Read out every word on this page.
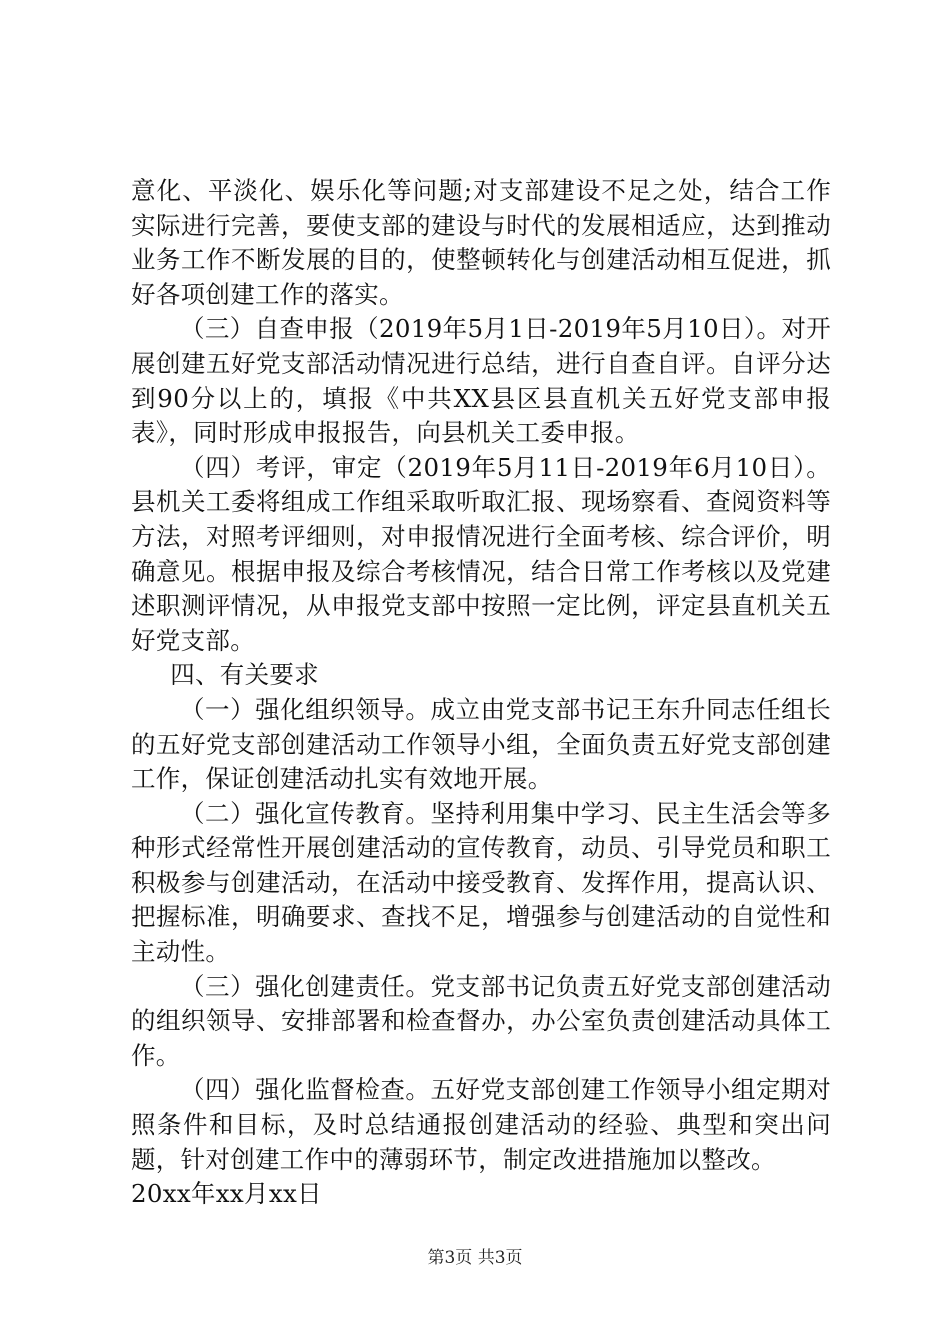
意化、平淡化、娱乐化等问题;对支部建设不足之处，结合工作实际进行完善，要使支部的建设与时代的发展相适应，达到推动业务工作不断发展的目的，使整顿转化与创建活动相互促进，抓好各项创建工作的落实。

（三）自查申报（2019年5月1日-2019年5月10日）。对开展创建五好党支部活动情况进行总结，进行自查自评。自评分达到90分以上的，填报《中共XX县区县直机关五好党支部申报表》，同时形成申报报告，向县机关工委申报。

（四）考评，审定（2019年5月11日-2019年6月10日）。县机关工委将组成工作组采取听取汇报、现场察看、查阅资料等方法，对照考评细则，对申报情况进行全面考核、综合评价，明确意见。根据申报及综合考核情况，结合日常工作考核以及党建述职测评情况，从申报党支部中按照一定比例，评定县直机关五好党支部。

四、有关要求

（一）强化组织领导。成立由党支部书记王东升同志任组长的五好党支部创建活动工作领导小组，全面负责五好党支部创建工作，保证创建活动扎实有效地开展。

（二）强化宣传教育。坚持利用集中学习、民主生活会等多种形式经常性开展创建活动的宣传教育，动员、引导党员和职工积极参与创建活动，在活动中接受教育、发挥作用，提高认识、把握标准，明确要求、查找不足，增强参与创建活动的自觉性和主动性。

（三）强化创建责任。党支部书记负责五好党支部创建活动的组织领导、安排部署和检查督办，办公室负责创建活动具体工作。

（四）强化监督检查。五好党支部创建工作领导小组定期对照条件和目标，及时总结通报创建活动的经验、典型和突出问题，针对创建工作中的薄弱环节，制定改进措施加以整改。

20xx年xx月xx日

第3页 共3页
